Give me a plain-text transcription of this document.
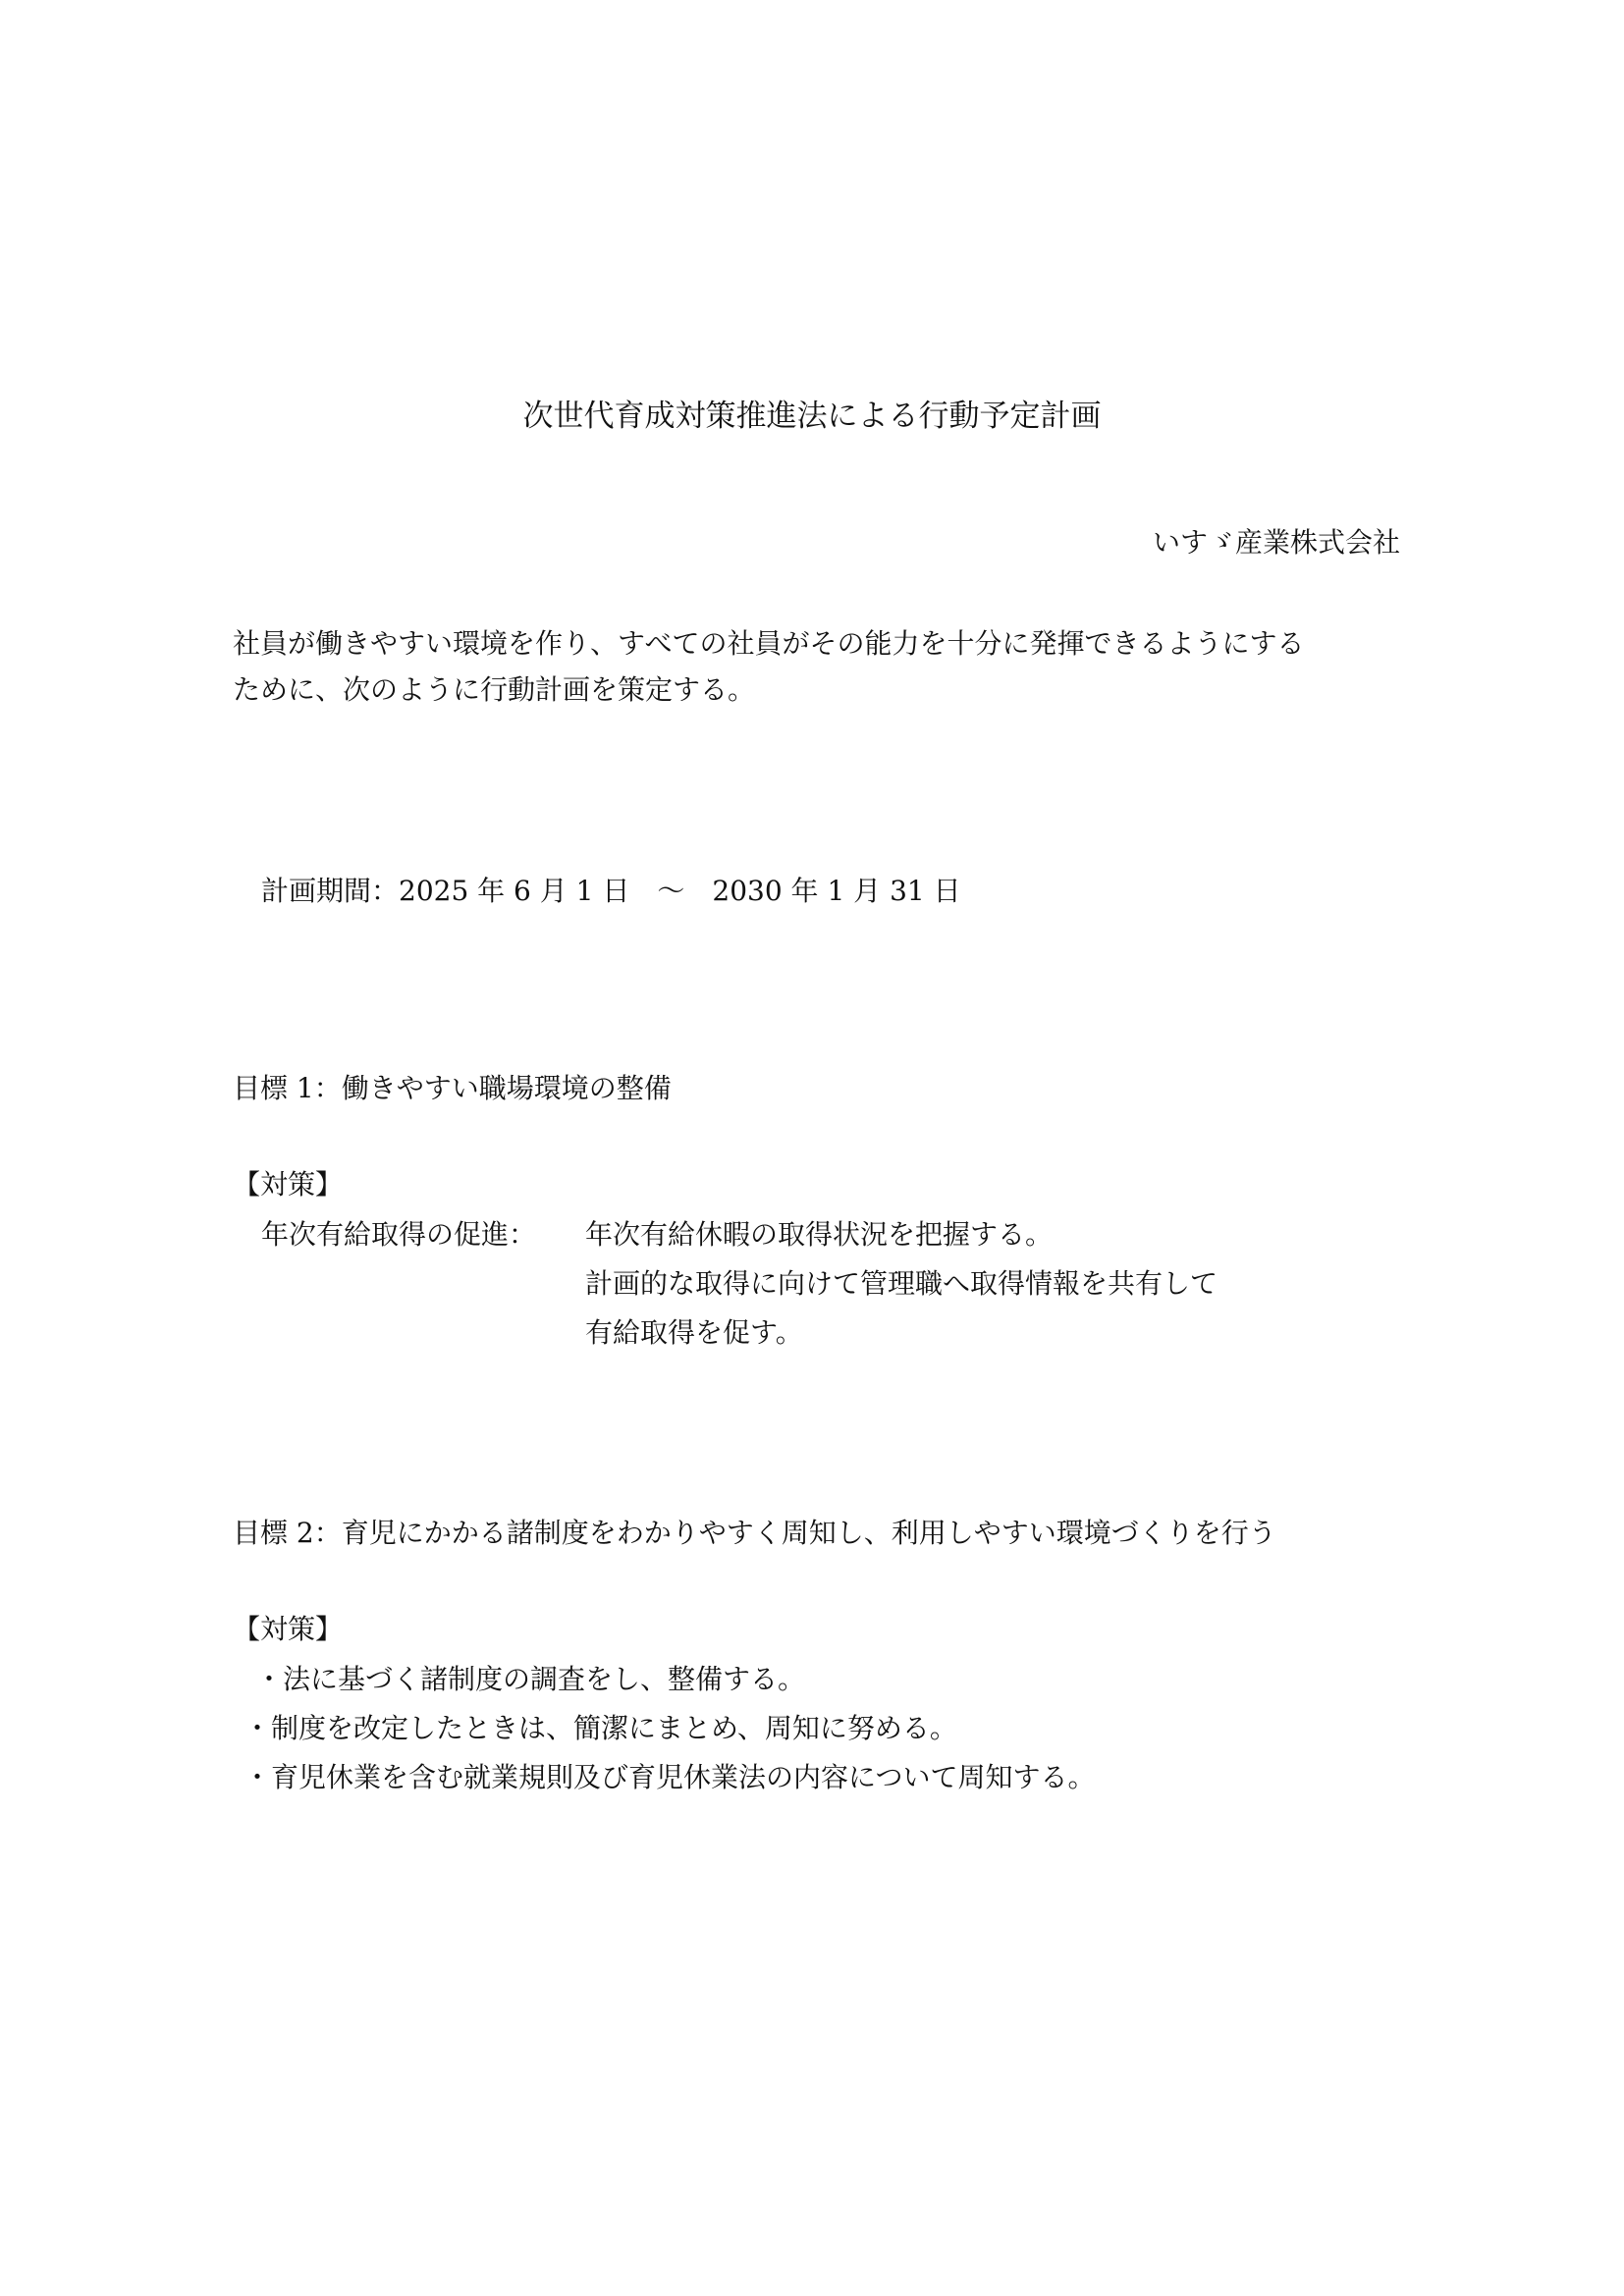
次世代育成対策推進法による行動予定計画

いすゞ産業株式会社

社員が働きやすい環境を作り、すべての社員がその能力を十分に発揮できるようにする

ために、次のように行動計画を策定する。

計画期間：2025 年 6 月 1 日　～　2030 年 1 月 31 日

目標 1：働きやすい職場環境の整備

【対策】

年次有給取得の促進： 年次有給休暇の取得状況を把握する。

計画的な取得に向けて管理職へ取得情報を共有して

有給取得を促す。

目標 2：育児にかかる諸制度をわかりやすく周知し、利用しやすい環境づくりを行う

【対策】

・法に基づく諸制度の調査をし、整備する。

・制度を改定したときは、簡潔にまとめ、周知に努める。

・育児休業を含む就業規則及び育児休業法の内容について周知する。
